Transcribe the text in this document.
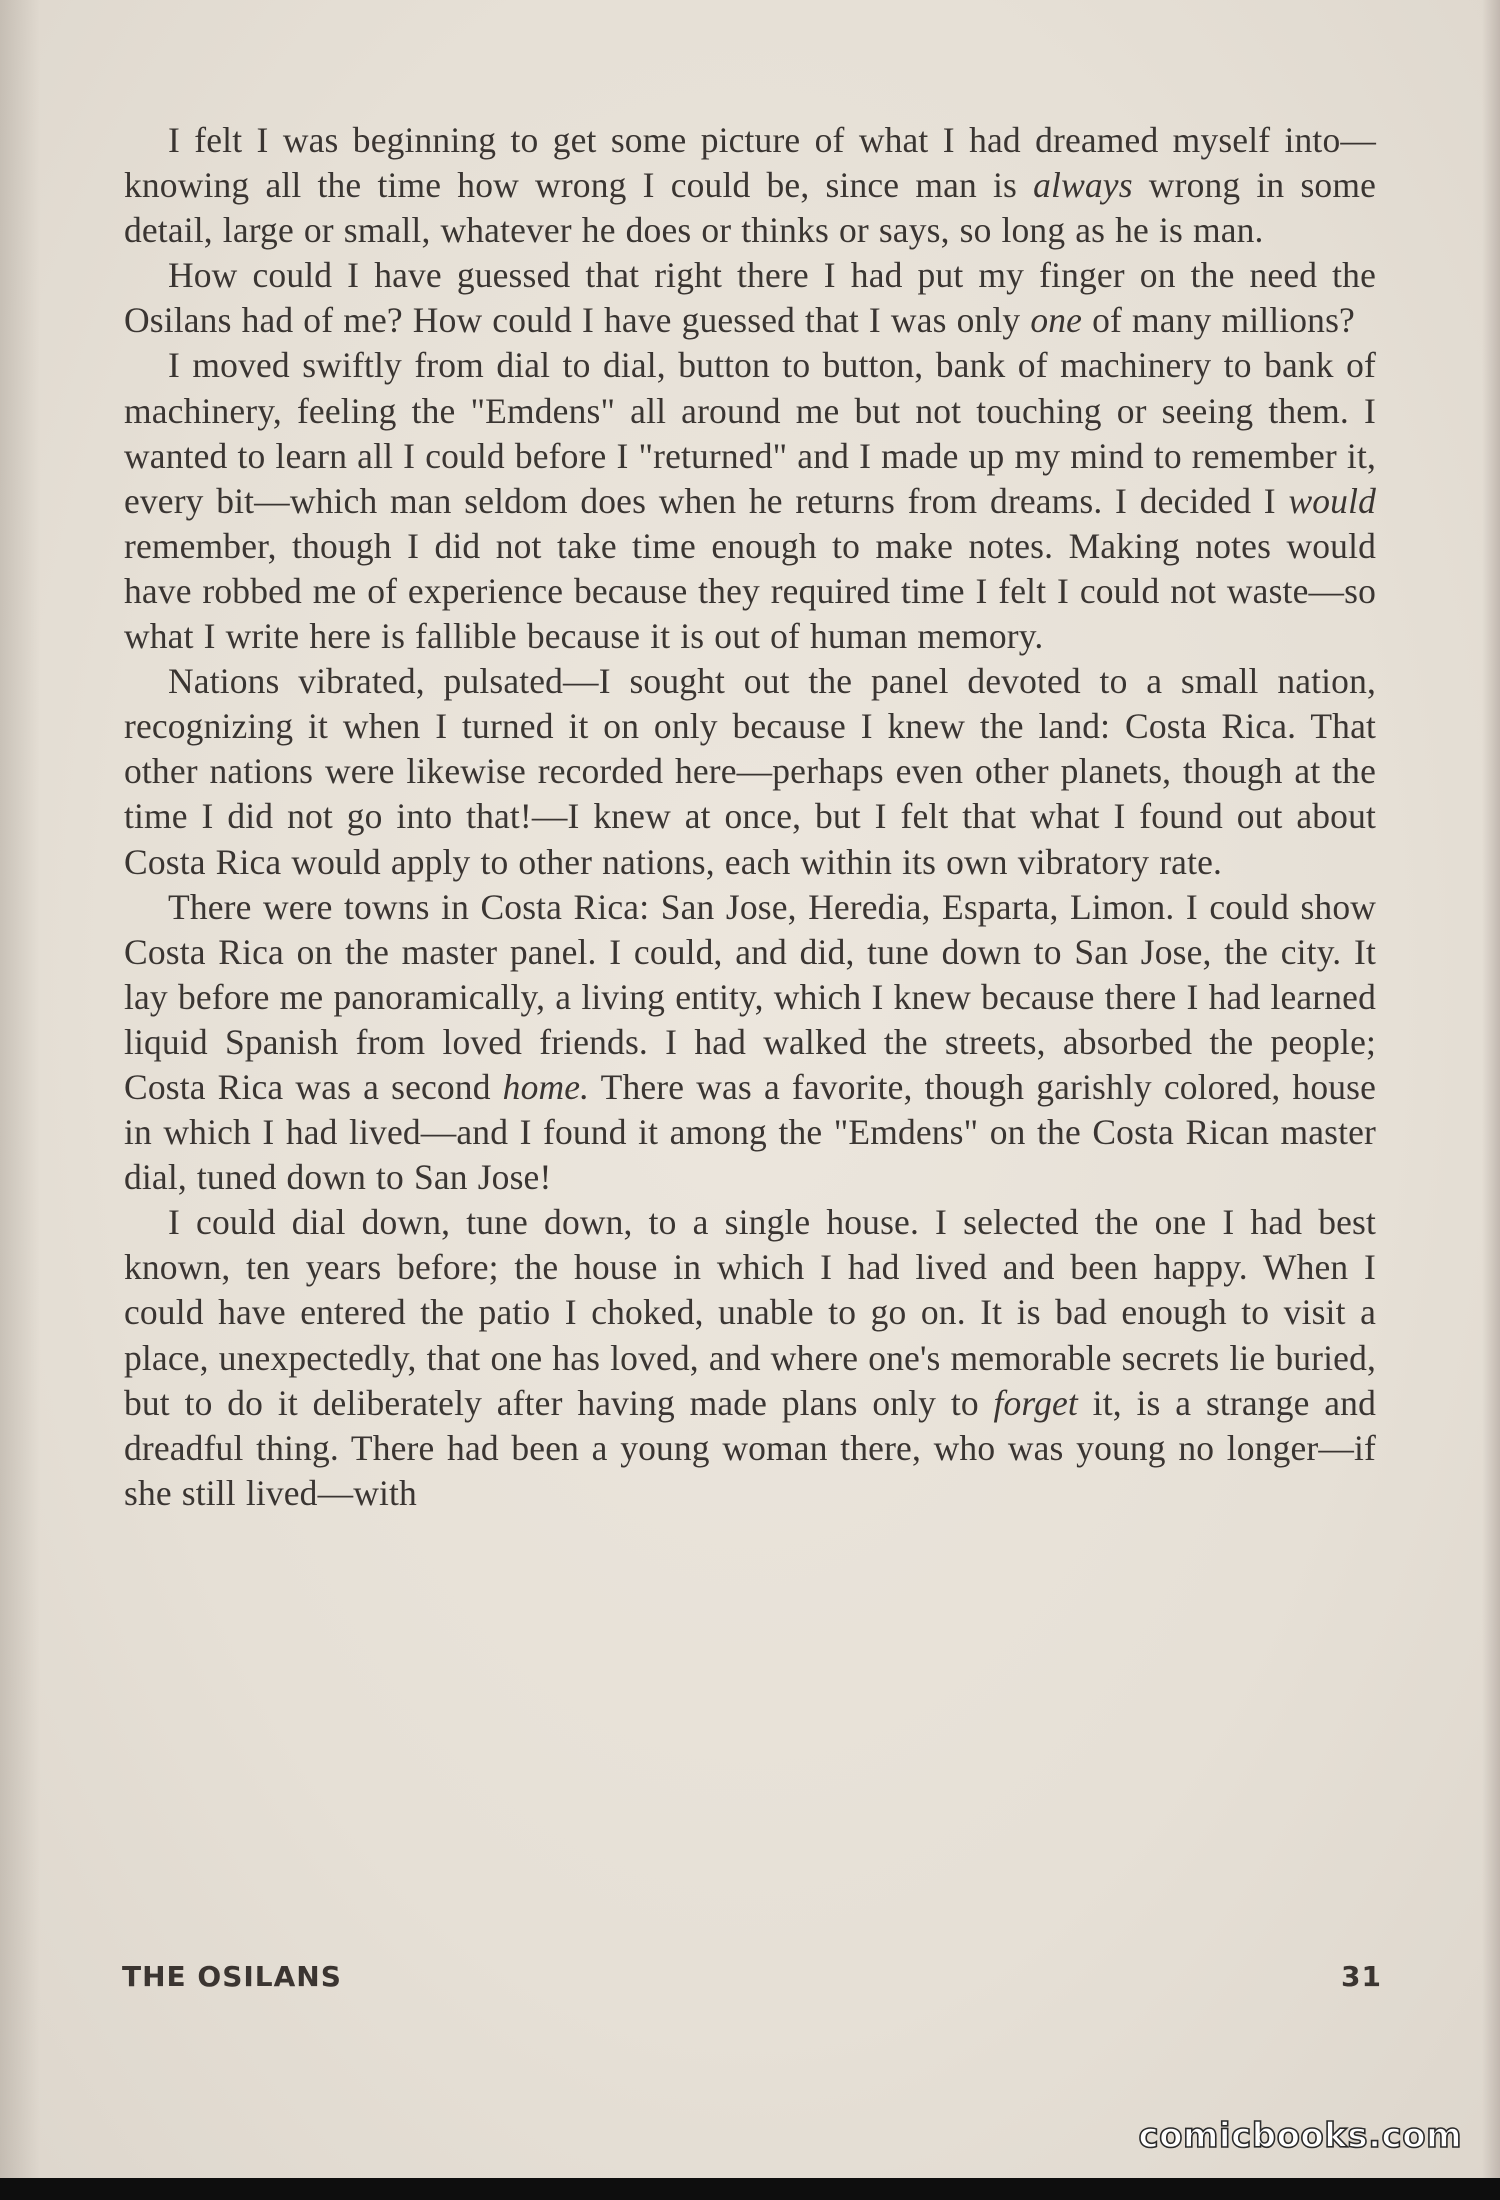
I felt I was beginning to get some picture of what I had dreamed myself into—knowing all the time how wrong I could be, since man is always wrong in some detail, large or small, whatever he does or thinks or says, so long as he is man.

How could I have guessed that right there I had put my finger on the need the Osilans had of me? How could I have guessed that I was only one of many millions?

I moved swiftly from dial to dial, button to button, bank of machinery to bank of machinery, feeling the "Emdens" all around me but not touching or seeing them. I wanted to learn all I could before I "returned" and I made up my mind to remember it, every bit—which man seldom does when he returns from dreams. I decided I would remember, though I did not take time enough to make notes. Making notes would have robbed me of experience because they required time I felt I could not waste—so what I write here is fallible because it is out of human memory.

Nations vibrated, pulsated—I sought out the panel devoted to a small nation, recognizing it when I turned it on only because I knew the land: Costa Rica. That other nations were likewise recorded here—perhaps even other planets, though at the time I did not go into that!—I knew at once, but I felt that what I found out about Costa Rica would apply to other nations, each within its own vibratory rate.

There were towns in Costa Rica: San Jose, Heredia, Esparta, Limon. I could show Costa Rica on the master panel. I could, and did, tune down to San Jose, the city. It lay before me panoramically, a living entity, which I knew because there I had learned liquid Spanish from loved friends. I had walked the streets, absorbed the people; Costa Rica was a second home. There was a favorite, though garishly colored, house in which I had lived—and I found it among the "Emdens" on the Costa Rican master dial, tuned down to San Jose!

I could dial down, tune down, to a single house. I selected the one I had best known, ten years before; the house in which I had lived and been happy. When I could have entered the patio I choked, unable to go on. It is bad enough to visit a place, unexpectedly, that one has loved, and where one's memorable secrets lie buried, but to do it deliberately after having made plans only to forget it, is a strange and dreadful thing. There had been a young woman there, who was young no longer—if she still lived—with

THE OSILANS	31
comicbooks.com
